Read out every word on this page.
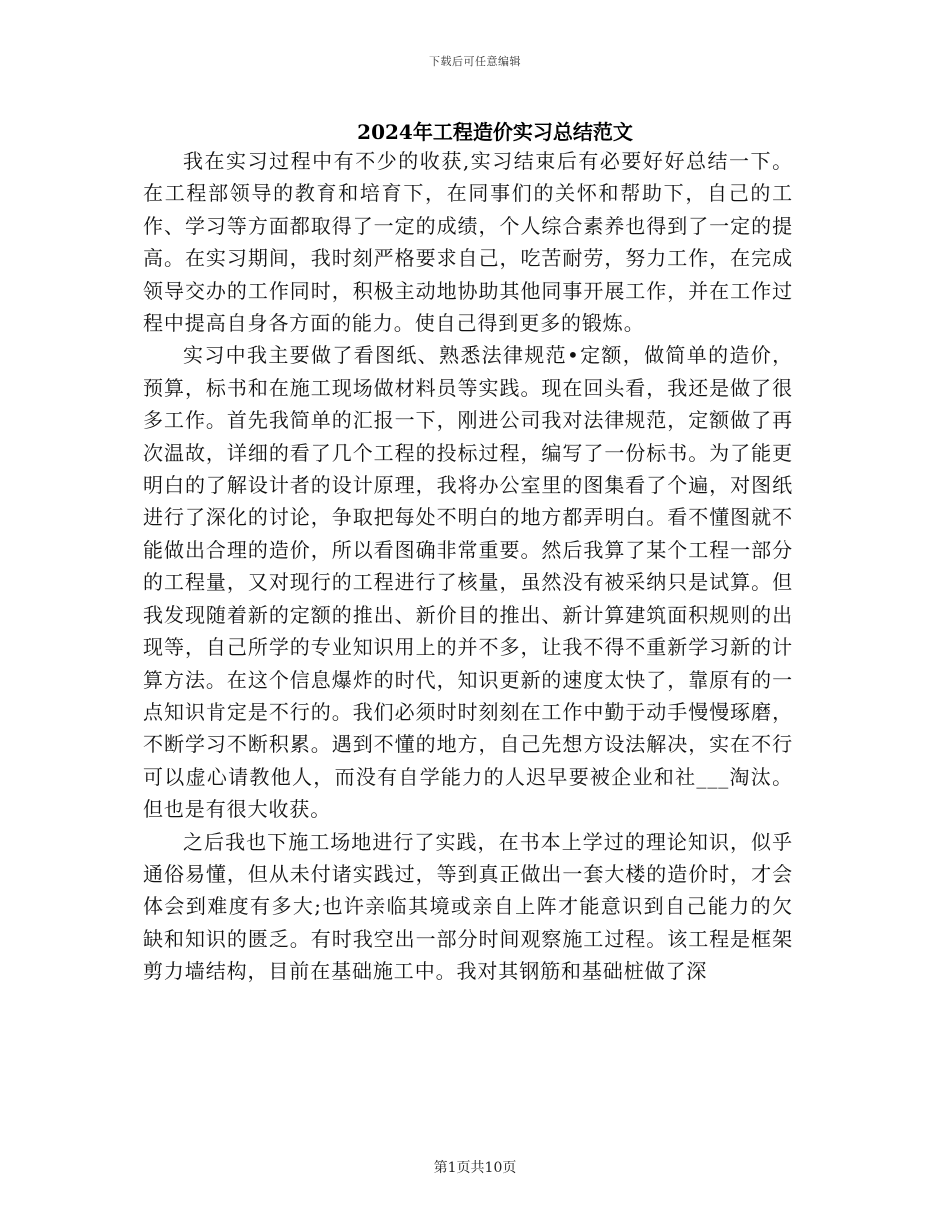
下载后可任意编辑
2024年工程造价实习总结范文

我在实习过程中有不少的收获,实习结束后有必要好好总结一下。在工程部领导的教育和培育下，在同事们的关怀和帮助下，自己的工作、学习等方面都取得了一定的成绩，个人综合素养也得到了一定的提高。在实习期间，我时刻严格要求自己，吃苦耐劳，努力工作，在完成领导交办的工作同时，积极主动地协助其他同事开展工作，并在工作过程中提高自身各方面的能力。使自己得到更多的锻炼。

实习中我主要做了看图纸、熟悉法律规范•定额，做简单的造价，预算，标书和在施工现场做材料员等实践。现在回头看，我还是做了很多工作。首先我简单的汇报一下，刚进公司我对法律规范，定额做了再次温故，详细的看了几个工程的投标过程，编写了一份标书。为了能更明白的了解设计者的设计原理，我将办公室里的图集看了个遍，对图纸进行了深化的讨论，争取把每处不明白的地方都弄明白。看不懂图就不能做出合理的造价，所以看图确非常重要。然后我算了某个工程一部分的工程量，又对现行的工程进行了核量，虽然没有被采纳只是试算。但我发现随着新的定额的推出、新价目的推出、新计算建筑面积规则的出现等，自己所学的专业知识用上的并不多，让我不得不重新学习新的计算方法。在这个信息爆炸的时代，知识更新的速度太快了，靠原有的一点知识肯定是不行的。我们必须时时刻刻在工作中勤于动手慢慢琢磨，不断学习不断积累。遇到不懂的地方，自己先想方设法解决，实在不行可以虚心请教他人，而没有自学能力的人迟早要被企业和社___淘汰。但也是有很大收获。

之后我也下施工场地进行了实践，在书本上学过的理论知识，似乎通俗易懂，但从未付诸实践过，等到真正做出一套大楼的造价时，才会体会到难度有多大;也许亲临其境或亲自上阵才能意识到自己能力的欠缺和知识的匮乏。有时我空出一部分时间观察施工过程。该工程是框架剪力墙结构，目前在基础施工中。我对其钢筋和基础桩做了深

第1页共10页
